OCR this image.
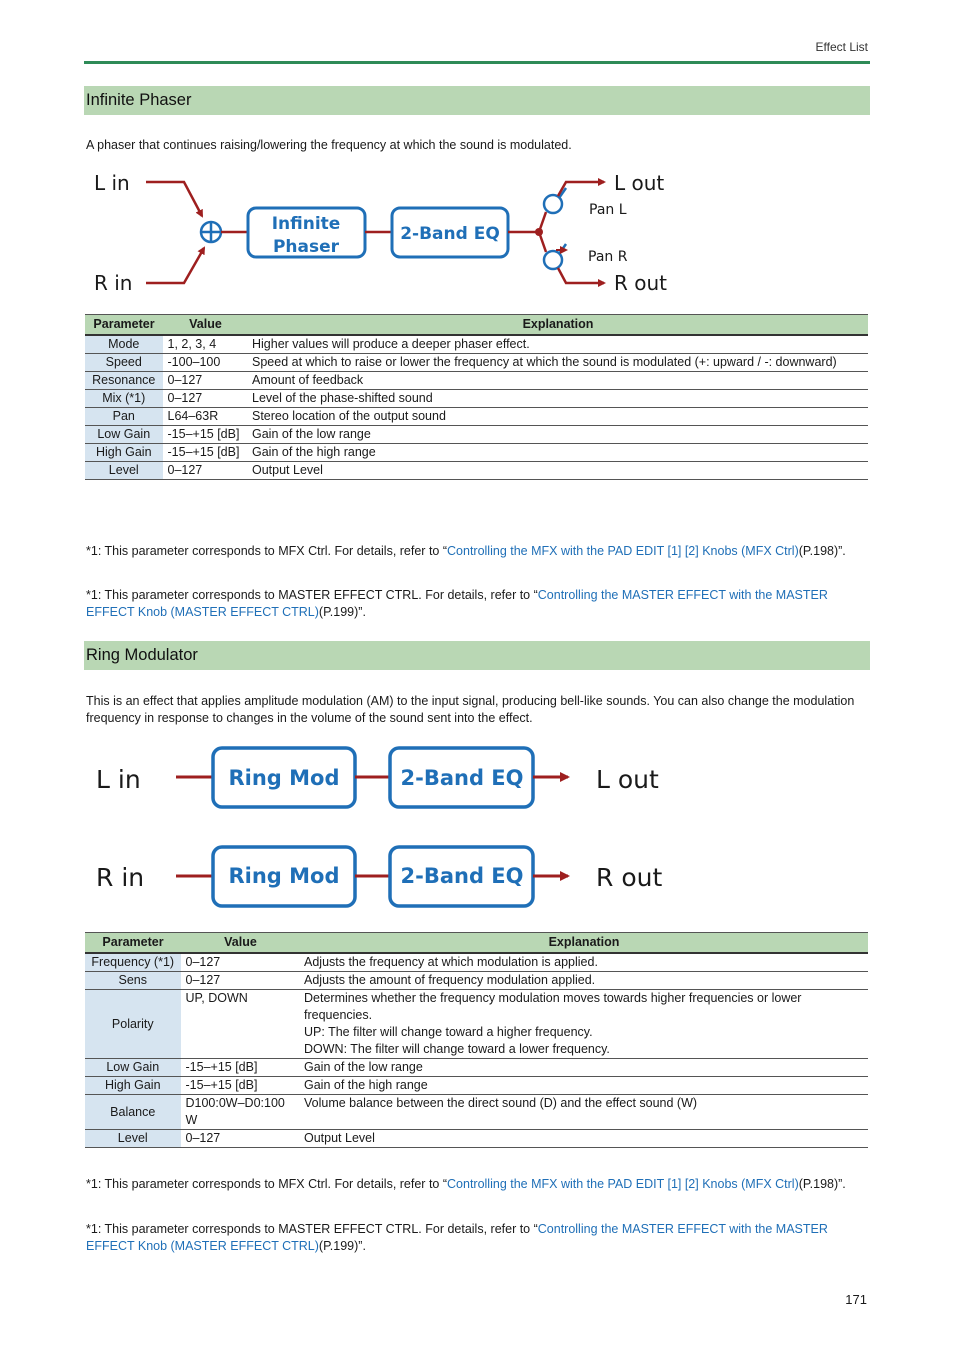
Effect List
Infinite Phaser

A phaser that continues raising/lowering the frequency at which the sound is modulated.

L in
R in
Infinite
Phaser
2-Band EQ
L out
R out
Pan L
Pan R
Parameter	Value	Explanation
Mode	1, 2, 3, 4	Higher values will produce a deeper phaser effect.
Speed	-100–100	Speed at which to raise or lower the frequency at which the sound is modulated (+: upward / -: downward)
Resonance	0–127	Amount of feedback
Mix (*1)	0–127	Level of the phase-shifted sound
Pan	L64–63R	Stereo location of the output sound
Low Gain	-15–+15 [dB]	Gain of the low range
High Gain	-15–+15 [dB]	Gain of the high range
Level	0–127	Output Level

*1: This parameter corresponds to MFX Ctrl. For details, refer to “Controlling the MFX with the PAD EDIT [1] [2] Knobs (MFX Ctrl)(P.198)”.

*1: This parameter corresponds to MASTER EFFECT CTRL. For details, refer to “Controlling the MASTER EFFECT with the MASTER EFFECT Knob (MASTER EFFECT CTRL)(P.199)”.

Ring Modulator

This is an effect that applies amplitude modulation (AM) to the input signal, producing bell-like sounds. You can also change the modulation frequency in response to changes in the volume of the sound sent into the effect.

L in	Ring Mod	2-Band EQ	L out
R in	Ring Mod	2-Band EQ	R out
Parameter	Value	Explanation
Frequency (*1)	0–127	Adjusts the frequency at which modulation is applied.
Sens	0–127	Adjusts the amount of frequency modulation applied.
Polarity	UP, DOWN	Determines whether the frequency modulation moves towards higher frequencies or lower frequencies.
UP: The filter will change toward a higher frequency.
DOWN: The filter will change toward a lower frequency.

Low Gain	-15–+15 [dB]	Gain of the low range
High Gain	-15–+15 [dB]	Gain of the high range
Balance	D100:0W–D0:100W	Volume balance between the direct sound (D) and the effect sound (W)
Level	0–127	Output Level

*1: This parameter corresponds to MFX Ctrl. For details, refer to “Controlling the MFX with the PAD EDIT [1] [2] Knobs (MFX Ctrl)(P.198)”.

*1: This parameter corresponds to MASTER EFFECT CTRL. For details, refer to “Controlling the MASTER EFFECT with the MASTER EFFECT Knob (MASTER EFFECT CTRL)(P.199)”.

171
